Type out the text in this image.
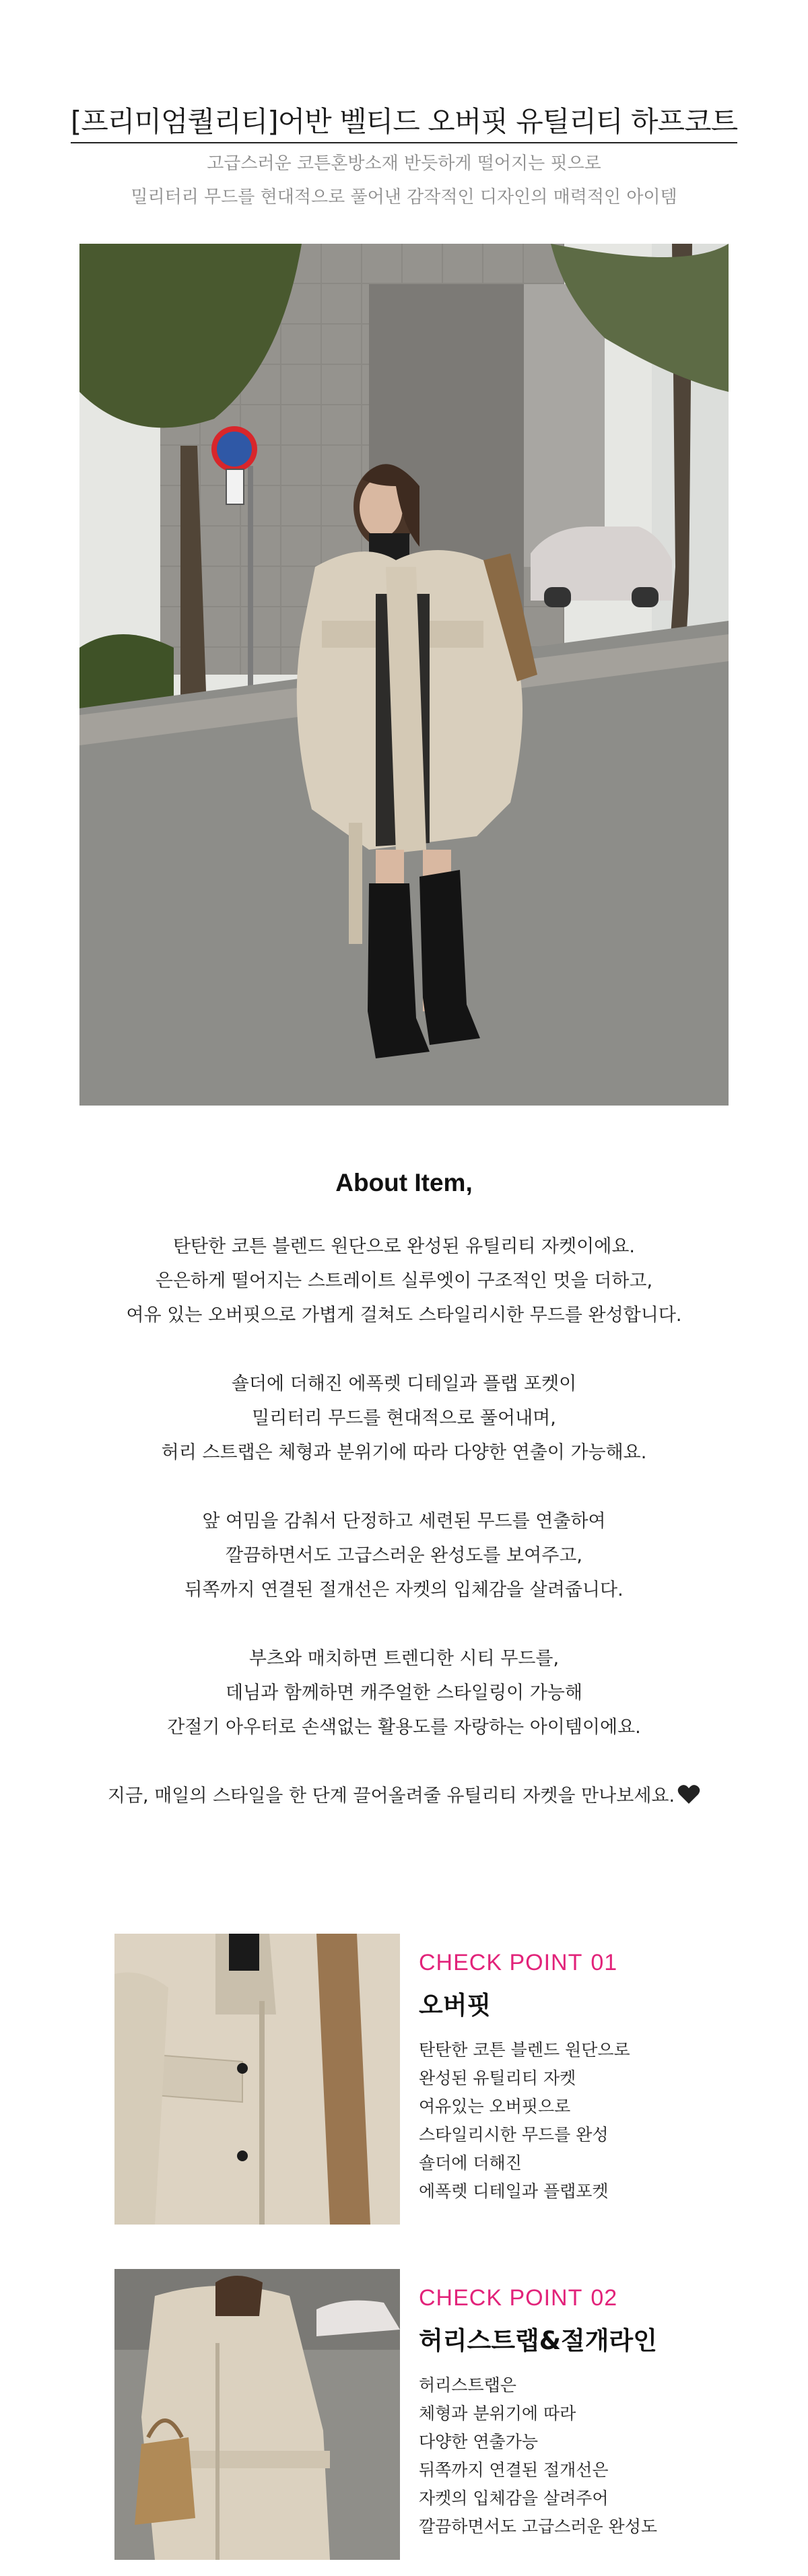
[프리미엄퀄리티]어반 벨티드 오버핏 유틸리티 하프코트
고급스러운 코튼혼방소재 반듯하게 떨어지는 핏으로
밀리터리 무드를 현대적으로 풀어낸 감작적인 디자인의 매력적인 아이템
About Item,

탄탄한 코튼 블렌드 원단으로 완성된 유틸리티 자켓이에요.
은은하게 떨어지는 스트레이트 실루엣이 구조적인 멋을 더하고,
여유 있는 오버핏으로 가볍게 걸쳐도 스타일리시한 무드를 완성합니다.

숄더에 더해진 에폭렛 디테일과 플랩 포켓이
밀리터리 무드를 현대적으로 풀어내며,
허리 스트랩은 체형과 분위기에 따라 다양한 연출이 가능해요.

앞 여밈을 감춰서 단정하고 세련된 무드를 연출하여
깔끔하면서도 고급스러운 완성도를 보여주고,
뒤쪽까지 연결된 절개선은 자켓의 입체감을 살려줍니다.

부츠와 매치하면 트렌디한 시티 무드를,
데님과 함께하면 캐주얼한 스타일링이 가능해
간절기 아우터로 손색없는 활용도를 자랑하는 아이템이에요.

지금, 매일의 스타일을 한 단계 끌어올려줄 유틸리티 자켓을 만나보세요.

CHECK POINT 01
오버핏
탄탄한 코튼 블렌드 원단으로
완성된 유틸리티 자켓
여유있는 오버핏으로
스타일리시한 무드를 완성
숄더에 더해진
에폭렛 디테일과 플랩포켓
CHECK POINT 02
허리스트랩&절개라인
허리스트랩은
체형과 분위기에 따라
다양한 연출가능
뒤쪽까지 연결된 절개선은
자켓의 입체감을 살려주어
깔끔하면서도 고급스러운 완성도
